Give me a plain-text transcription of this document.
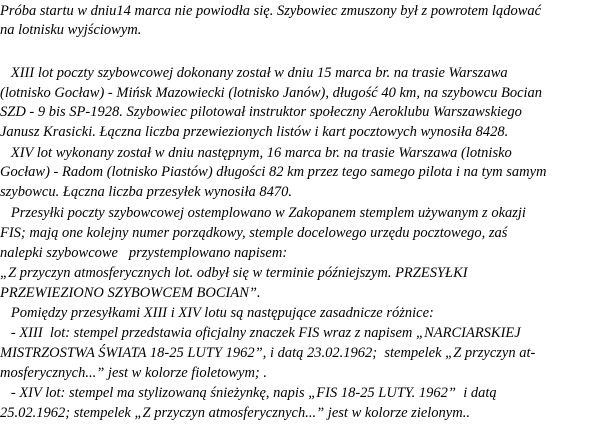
Próba startu w dniu14 marca nie powiodła się. Szybowiec zmuszony był z powrotem lądować
na lotnisku wyjściowym.
XIII lot poczty szybowcowej dokonany został w dniu 15 marca br. na trasie Warszawa
(lotnisko Gocław) - Mińsk Mazowiecki (lotnisko Janów), długość 40 km, na szybowcu Bocian
SZD - 9 bis SP-1928. Szybowiec pilotował instruktor społeczny Aeroklubu Warszawskiego
Janusz Krasicki. Łączna liczba przewiezionych listów i kart pocztowych wynosiła 8428.
XIV lot wykonany został w dniu następnym, 16 marca br. na trasie Warszawa (lotnisko
Gocław) - Radom (lotnisko Piastów) długości 82 km przez tego samego pilota i na tym samym
szybowcu. Łączna liczba przesyłek wynosiła 8470.
Przesyłki poczty szybowcowej ostemplowano w Zakopanem stemplem używanym z okazji
FIS; mają one kolejny numer porządkowy, stemple docelowego urzędu pocztowego, zaś
nalepki szybowcowe   przystemplowano napisem:
„Z przyczyn atmosferycznych lot. odbył się w terminie późniejszym. PRZESYŁKI
PRZEWIEZIONO SZYBOWCEM BOCIAN”.
Pomiędzy przesyłkami XIII i XIV lotu są następujące zasadnicze różnice:
- XIII  lot: stempel przedstawia oficjalny znaczek FIS wraz z napisem „NARCIARSKIEJ
MISTRZOSTWA ŚWIATA 18-25 LUTY 1962”, i datą 23.02.1962;  stempelek „Z przyczyn at-
mosferycznych...” jest w kolorze fioletowym; .
- XIV lot: stempel ma stylizowaną śnieżynkę, napis „FIS 18-25 LUTY. 1962”  i datą
25.02.1962; stempelek „Z przyczyn atmosferycznych...” jest w kolorze zielonym..
